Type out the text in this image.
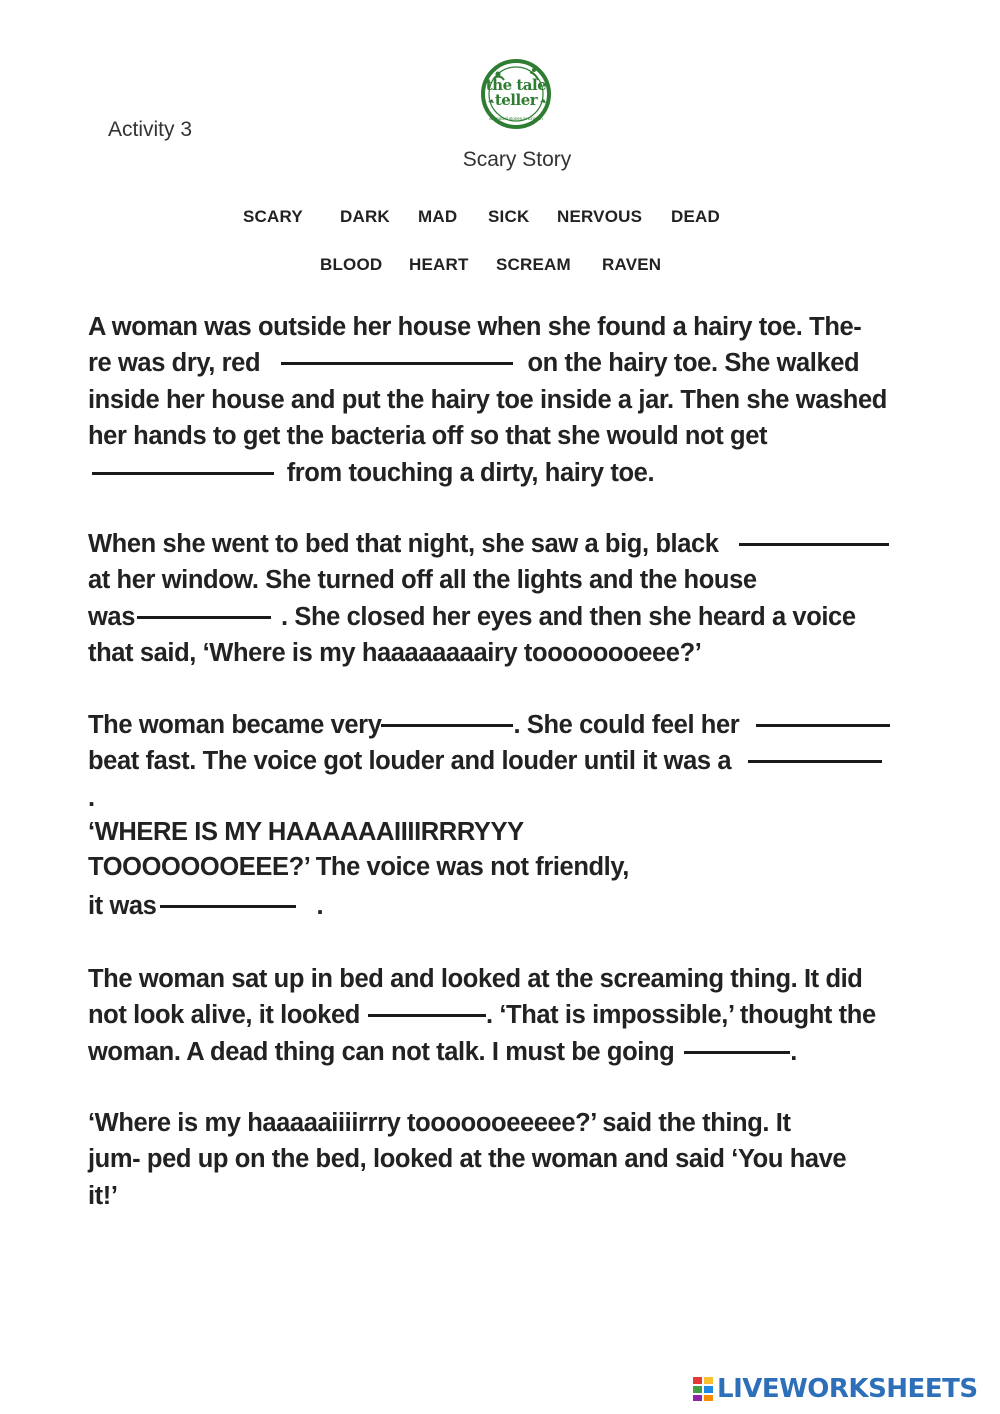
Activity 3
the tale teller
animated stories in English
Scary Story
SCARY DARK MAD SICK NERVOUS DEAD
BLOOD HEART SCREAM RAVEN
A woman was outside her house when she found a hairy toe. The-
re was dry, red	on the hairy toe. She walked
inside her house and put the hairy toe inside a jar. Then she washed
her hands to get the bacteria off so that she would not get
from touching a dirty, hairy toe.
When she went to bed that night, she saw a big, black
at her window. She turned off all the lights and the house
was	. She closed her eyes and then she heard a voice
that said, ‘Where is my haaaaaaaairy toooooooeee?’
The woman became very	. She could feel her
beat fast. The voice got louder and louder until it was a
.
‘WHERE IS MY HAAAAAAIIIIRRRYYY
TOOOOOOOEEE?’ The voice was not friendly,
it was	.
The woman sat up in bed and looked at the screaming thing. It did
not look alive, it looked	. ‘That is impossible,’ thought the
woman. A dead thing can not talk. I must be going	.
‘Where is my haaaaaiiiirrry tooooooeeeee?’ said the thing. It
jum- ped up on the bed, looked at the woman and said ‘You have
it!’
LIVEWORKSHEETS
